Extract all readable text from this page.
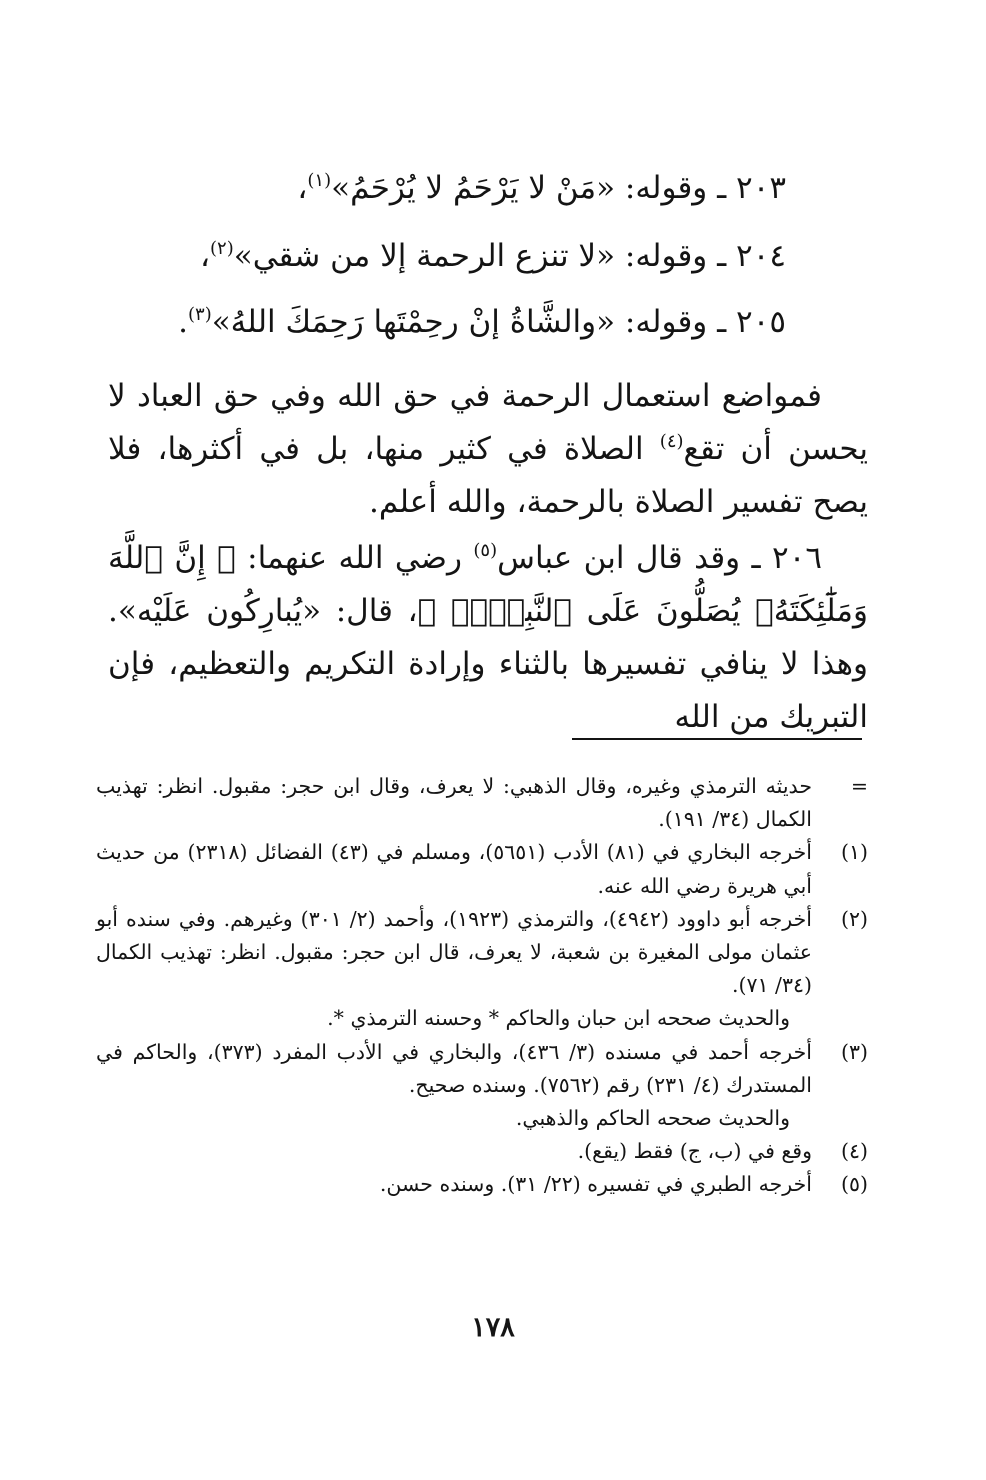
٢٠٣ ـ وقوله: «مَنْ لا يَرْحَمُ لا يُرْحَمُ»$^{(١)}$،
٢٠٤ ـ وقوله: «لا تنزع الرحمة إلا من شقي»$^{(٢)}$،
٢٠٥ ـ وقوله: «والشَّاةُ إنْ رحِمْتَها رَحِمَكَ اللهُ»$^{(٣)}$.
فمواضع استعمال الرحمة في حق الله وفي حق العباد لا يحسن أن تقع$^{(٤)}$ الصلاة في كثير منها، بل في أكثرها، فلا يصح تفسير الصلاة بالرحمة، والله أعلم.
٢٠٦ ـ وقد قال ابن عباس$^{(٥)}$ رضي الله عنهما: ﴿ إِنَّ ٱللَّهَ وَمَلَٰٓئِكَتَهُۥ يُصَلُّونَ عَلَى ٱلنَّبِيِّۚ ﴾، قال: «يُبارِكُون عَلَيْه». وهذا لا ينافي تفسيرها بالثناء وإرادة التكريم والتعظيم، فإن التبريك من الله
=
حديثه الترمذي وغيره، وقال الذهبي: لا يعرف، وقال ابن حجر: مقبول. انظر: تهذيب الكمال (٣٤/ ١٩١).
(١)
أخرجه البخاري في (٨١) الأدب (٥٦٥١)، ومسلم في (٤٣) الفضائل (٢٣١٨) من حديث أبي هريرة رضي الله عنه.
(٢)
أخرجه أبو داوود (٤٩٤٢)، والترمذي (١٩٢٣)، وأحمد (٢/ ٣٠١) وغيرهم. وفي سنده أبو عثمان مولى المغيرة بن شعبة، لا يعرف، قال ابن حجر: مقبول. انظر: تهذيب الكمال (٣٤/ ٧١).
والحديث صححه ابن حبان والحاكم * وحسنه الترمذي *.
(٣)
أخرجه أحمد في مسنده (٣/ ٤٣٦)، والبخاري في الأدب المفرد (٣٧٣)، والحاكم في المستدرك (٤/ ٢٣١) رقم (٧٥٦٢). وسنده صحيح.
والحديث صححه الحاكم والذهبي.
(٤)
وقع في (ب، ج) فقط (يقع).
(٥)
أخرجه الطبري في تفسيره (٢٢/ ٣١). وسنده حسن.
١٧٨
